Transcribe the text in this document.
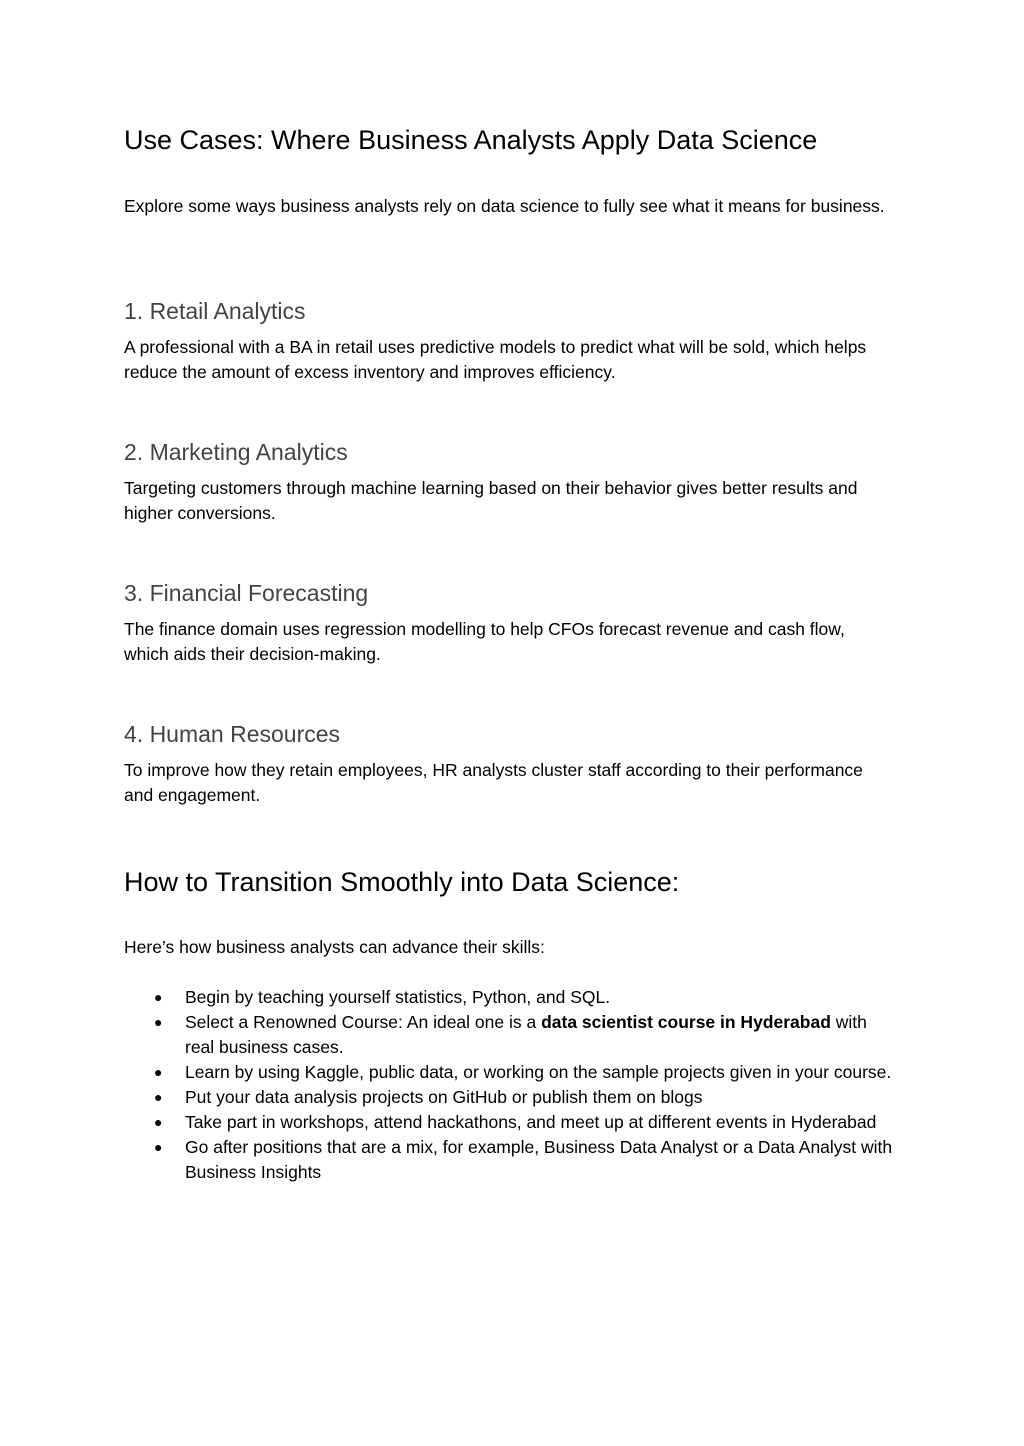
Use Cases: Where Business Analysts Apply Data Science

Explore some ways business analysts rely on data science to fully see what it means for business.

1. Retail Analytics

A professional with a BA in retail uses predictive models to predict what will be sold, which helps reduce the amount of excess inventory and improves efficiency.

2. Marketing Analytics

Targeting customers through machine learning based on their behavior gives better results and higher conversions.

3. Financial Forecasting

The finance domain uses regression modelling to help CFOs forecast revenue and cash flow, which aids their decision-making.

4. Human Resources

To improve how they retain employees, HR analysts cluster staff according to their performance and engagement.

How to Transition Smoothly into Data Science:

Here’s how business analysts can advance their skills:

● Begin by teaching yourself statistics, Python, and SQL.
● Select a Renowned Course: An ideal one is a data scientist course in Hyderabad with real business cases.
● Learn by using Kaggle, public data, or working on the sample projects given in your course.
● Put your data analysis projects on GitHub or publish them on blogs
● Take part in workshops, attend hackathons, and meet up at different events in Hyderabad
● Go after positions that are a mix, for example, Business Data Analyst or a Data Analyst with Business Insights
